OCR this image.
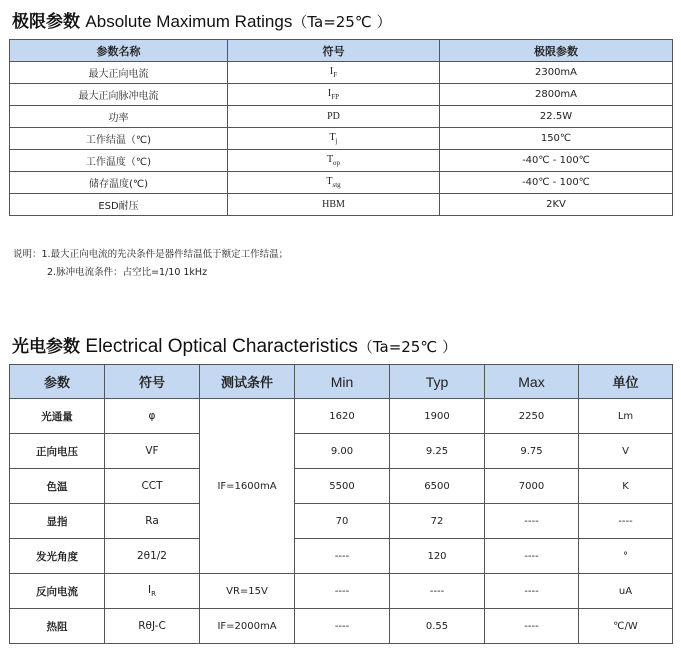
极限参数 Absolute Maximum Ratings（Ta=25℃ ）
参数名称	符号	极限参数
最大正向电流	$I_F$	2300mA
最大正向脉冲电流	$I_{FP}$	2800mA
功率	PD	22.5W
工作结温（℃)	$T_j$	150℃
工作温度（℃)	$T_{op}$	-40℃ - 100℃
储存温度(℃)	$T_{stg}$	-40℃ - 100℃
ESD耐压	HBM	2KV
说明：1.最大正向电流的先决条件是器件结温低于额定工作结温；
2.脉冲电流条件：占空比=1/10 1kHz
光电参数 Electrical Optical Characteristics（Ta=25℃ ）
参数	符号	测试条件	Min	Typ	Max	单位
光通量	φ	IF=1600mA	1620	1900	2250	Lm
正向电压	VF		9.00	9.25	9.75	V
色温	CCT		5500	6500	7000	K
显指	Ra		70	72	----	----
发光角度	2θ1/2		----	120	----	°
反向电流	$I_R$	VR=15V	----	----	----	uA
热阻	RθJ-C	IF=2000mA	----	0.55	----	℃/W
